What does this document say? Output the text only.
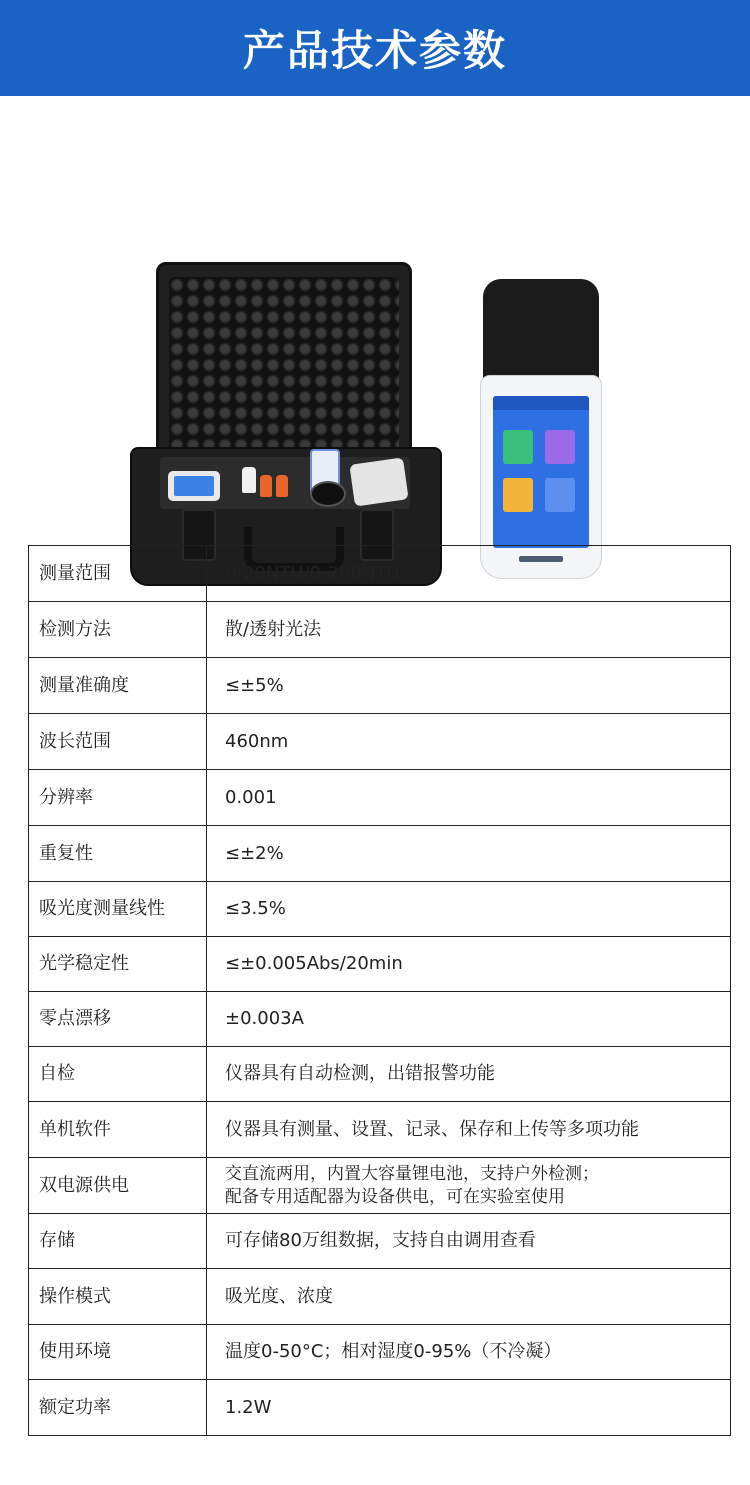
产品技术参数
测量范围	0-20NTU/0-200NTU
检测方法	散/透射光法
测量准确度	≤±5%
波长范围	460nm
分辨率	0.001
重复性	≤±2%
吸光度测量线性	≤3.5%
光学稳定性	≤±0.005Abs/20min
零点漂移	±0.003A
自检	仪器具有自动检测，出错报警功能
单机软件	仪器具有测量、设置、记录、保存和上传等多项功能
双电源供电	交直流两用，内置大容量锂电池，支持户外检测；
配备专用适配器为设备供电，可在实验室使用

存储	可存储80万组数据，支持自由调用查看
操作模式	吸光度、浓度
使用环境	温度0-50°C；相对湿度0-95%（不冷凝）
额定功率	1.2W
